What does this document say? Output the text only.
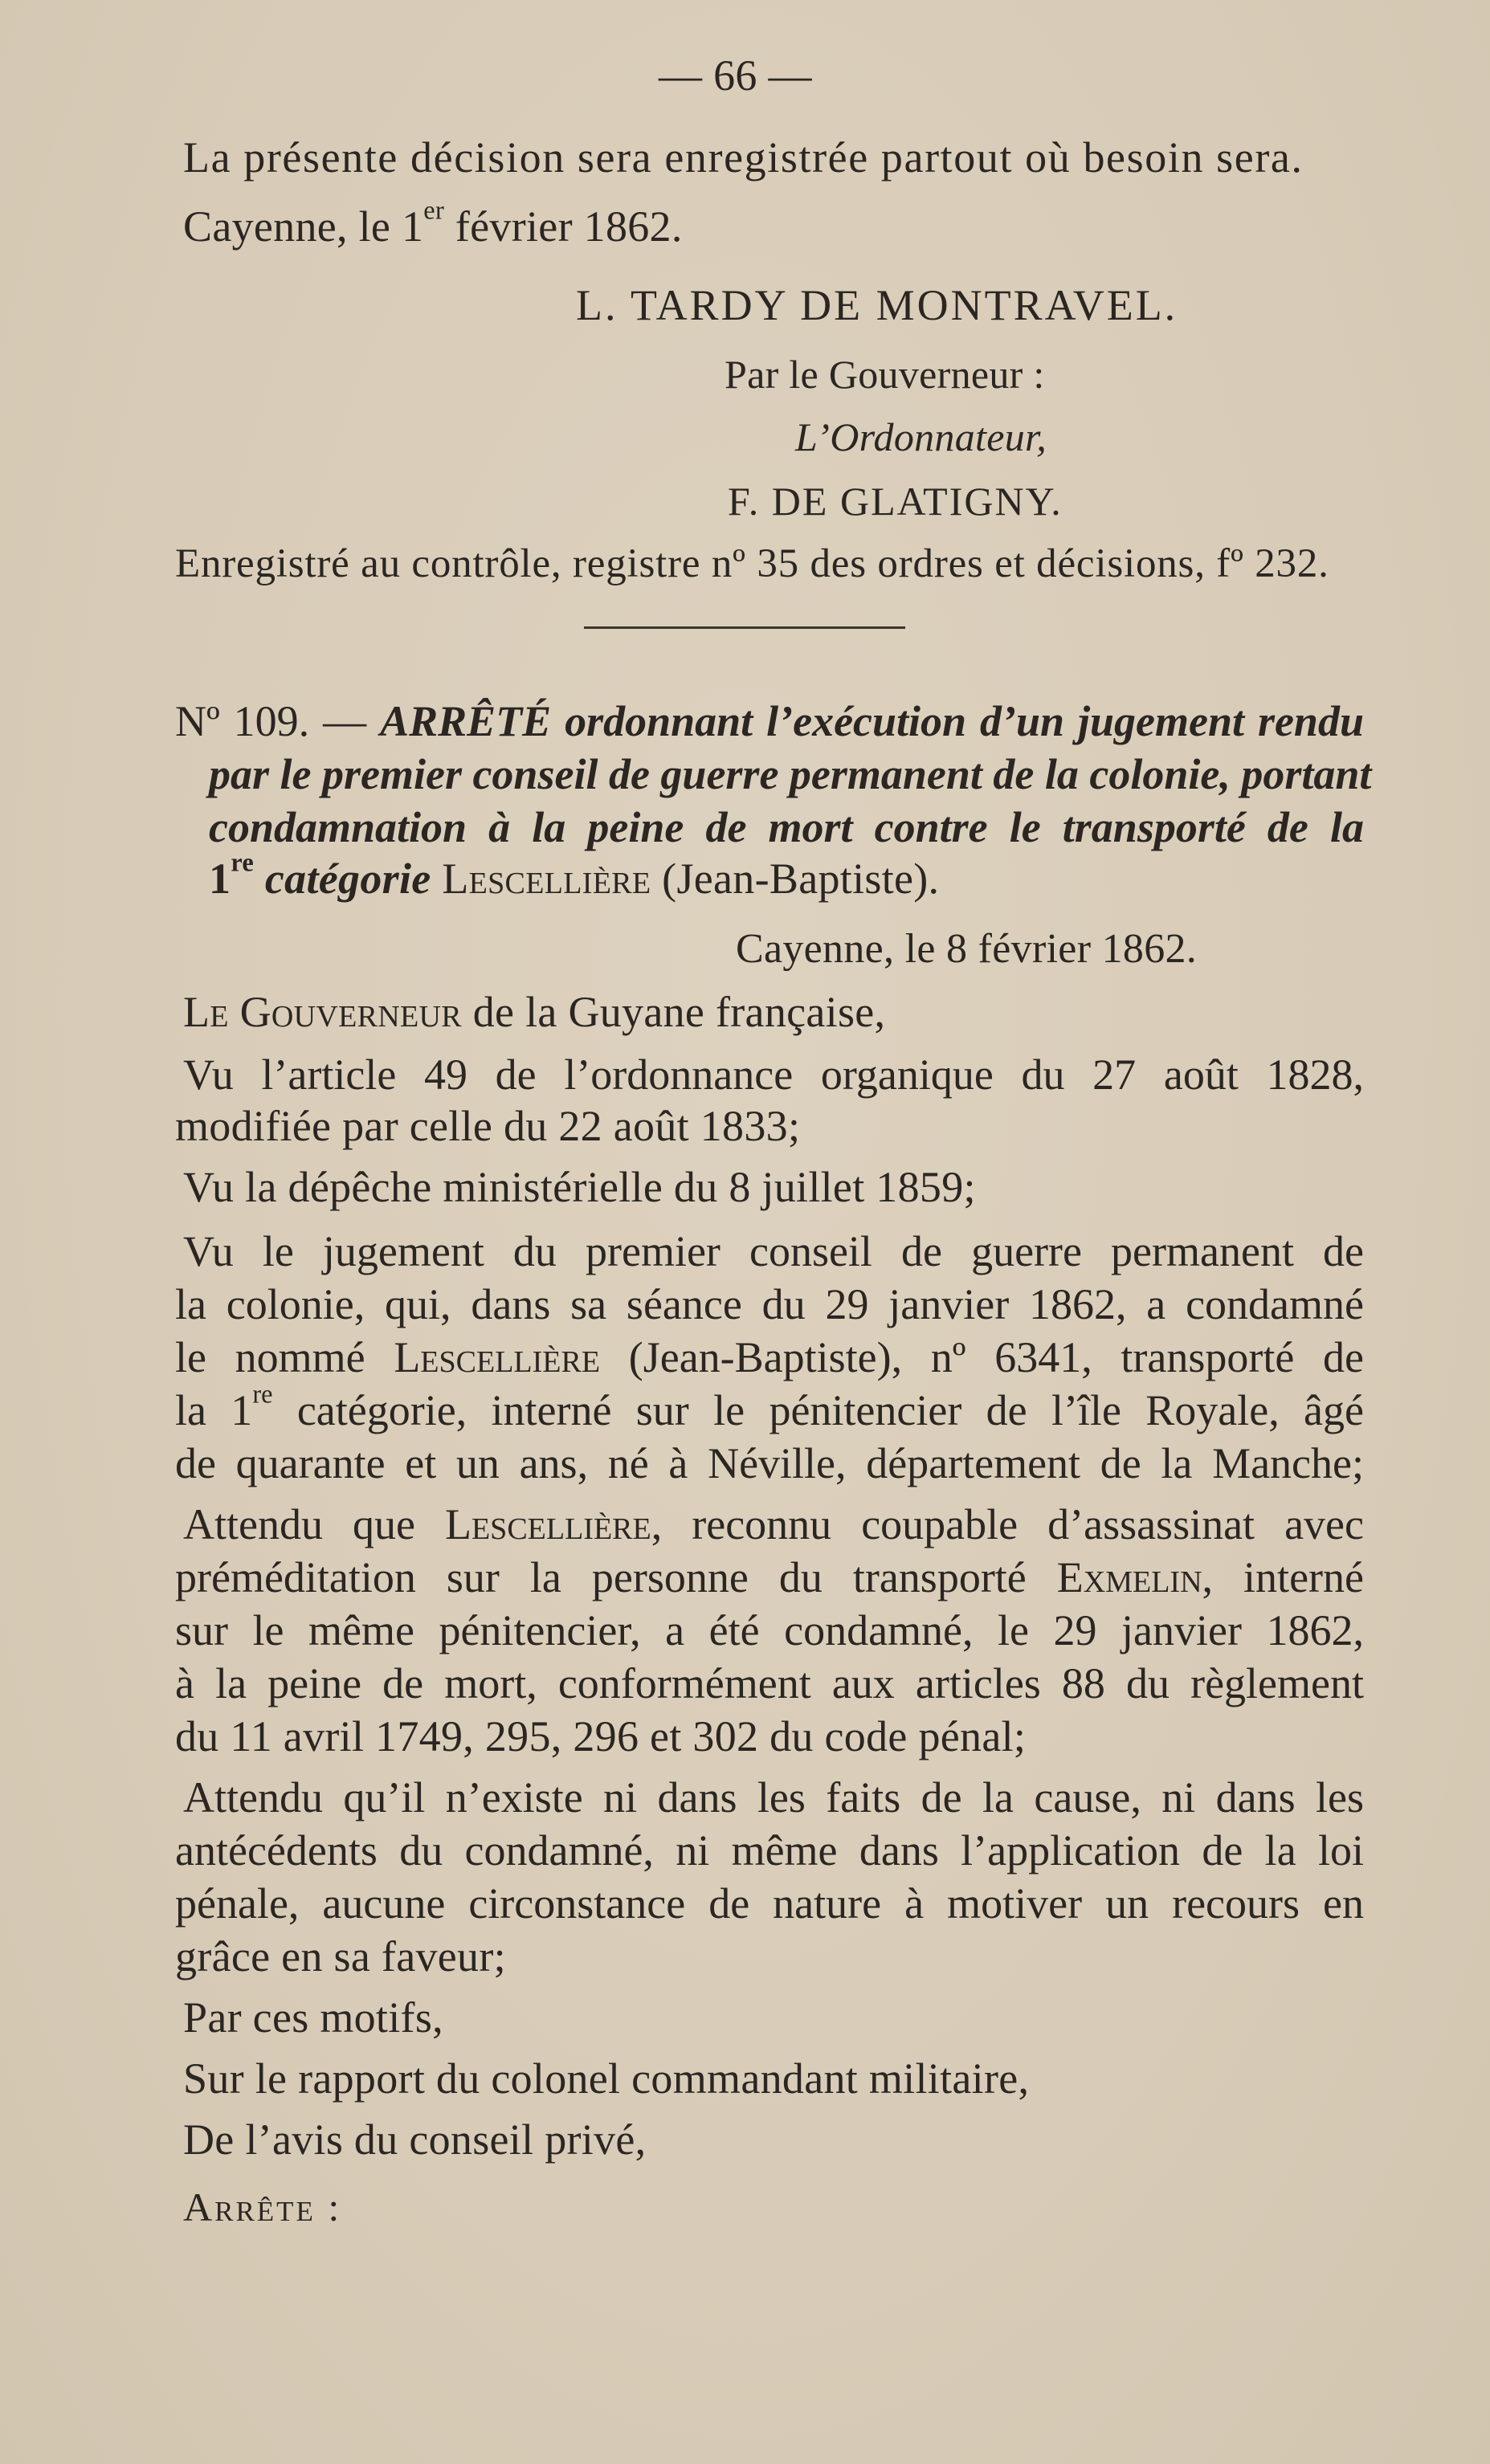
— 66 —
La présente décision sera enregistrée partout où besoin sera.
Cayenne, le 1er février 1862.
L. TARDY DE MONTRAVEL.
Par le Gouverneur :
L’Ordonnateur,
F. DE GLATIGNY.
Enregistré au contrôle, registre nº 35 des ordres et décisions, fº 232.
Nº 109. — ARRÊTÉ ordonnant l’exécution d’un jugement rendu
par le premier conseil de guerre permanent de la colonie, portant
condamnation à la peine de mort contre le transporté de la
1re catégorie Lescellière (Jean-Baptiste).
Cayenne, le 8 février 1862.
Le Gouverneur de la Guyane française,
Vu l’article 49 de l’ordonnance organique du 27 août 1828,
modifiée par celle du 22 août 1833;
Vu la dépêche ministérielle du 8 juillet 1859;
Vu le jugement du premier conseil de guerre permanent de
la colonie, qui, dans sa séance du 29 janvier 1862, a condamné
le nommé Lescellière (Jean-Baptiste), nº 6341, transporté de
la 1re catégorie, interné sur le pénitencier de l’île Royale, âgé
de quarante et un ans, né à Néville, département de la Manche;
Attendu que Lescellière, reconnu coupable d’assassinat avec
préméditation sur la personne du transporté Exmelin, interné
sur le même pénitencier, a été condamné, le 29 janvier 1862,
à la peine de mort, conformément aux articles 88 du règlement
du 11 avril 1749, 295, 296 et 302 du code pénal;
Attendu qu’il n’existe ni dans les faits de la cause, ni dans les
antécédents du condamné, ni même dans l’application de la loi
pénale, aucune circonstance de nature à motiver un recours en
grâce en sa faveur;
Par ces motifs,
Sur le rapport du colonel commandant militaire,
De l’avis du conseil privé,
Arrête :
